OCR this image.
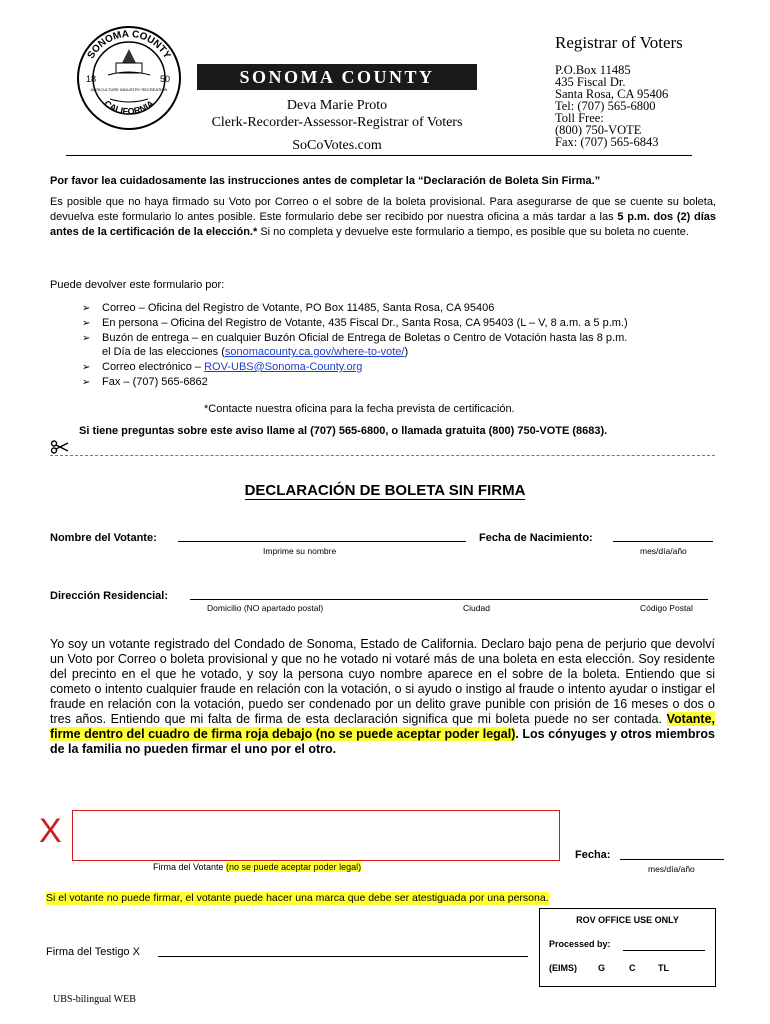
SONOMA COUNTY
CALIFORNIA
18	50
AGRICULTURE INDUSTRY RECREATION
SONOMA COUNTY
Deva Marie Proto
Clerk-Recorder-Assessor-Registrar of Voters
SoCoVotes.com
Registrar of Voters
P.O.Box 11485
435 Fiscal Dr.
Santa Rosa, CA 95406
Tel: (707) 565-6800
Toll Free:
(800) 750-VOTE
Fax: (707) 565-6843
Por favor lea cuidadosamente las instrucciones antes de completar la “Declaración de Boleta Sin Firma.”
Es posible que no haya firmado su Voto por Correo o el sobre de la boleta provisional. Para asegurarse de que se cuente su boleta, devuelva este formulario lo antes posible. Este formulario debe ser recibido por nuestra oficina a más tardar a las 5 p.m. dos (2) días antes de la certificación de la elección.* Si no completa y devuelve este formulario a tiempo, es posible que su boleta no cuente.
Puede devolver este formulario por:
➢ Correo – Oficina del Registro de Votante, PO Box 11485, Santa Rosa, CA 95406
➢ En persona – Oficina del Registro de Votante, 435 Fiscal Dr., Santa Rosa, CA 95403 (L – V, 8 a.m. a 5 p.m.)
➢ Buzón de entrega – en cualquier Buzón Oficial de Entrega de Boletas o Centro de Votación hasta las 8 p.m.
el Día de las elecciones (sonomacounty.ca.gov/where-to-vote/)
➢ Correo electrónico – ROV-UBS@Sonoma-County.org
➢ Fax – (707) 565-6862
*Contacte nuestra oficina para la fecha prevista de certificación.
Si tiene preguntas sobre este aviso llame al (707) 565-6800, o llamada gratuita (800) 750-VOTE (8683).
DECLARACIÓN DE BOLETA SIN FIRMA
Nombre del Votante:
Imprime su nombre
Fecha de Nacimiento:
mes/día/año
Dirección Residencial:
Domicilio (NO apartado postal)	Ciudad	Código Postal
Yo soy un votante registrado del Condado de Sonoma, Estado de California. Declaro bajo pena de perjurio que devolví un Voto por Correo o boleta provisional y que no he votado ni votaré más de una boleta en esta elección. Soy residente del precinto en el que he votado, y soy la persona cuyo nombre aparece en el sobre de la boleta. Entiendo que si cometo o intento cualquier fraude en relación con la votación, o si ayudo o instigo al fraude o intento ayudar o instigar el fraude en relación con la votación, puedo ser condenado por un delito grave punible con prisión de 16 meses o dos o tres años. Entiendo que mi falta de firma de esta declaración significa que mi boleta puede no ser contada. Votante, firme dentro del cuadro de firma roja debajo (no se puede aceptar poder legal). Los cónyuges y otros miembros de la familia no pueden firmar el uno por el otro.
X
Firma del Votante (no se puede aceptar poder legal)
Fecha:
mes/día/año
Si el votante no puede firmar, el votante puede hacer una marca que debe ser atestiguada por una persona.
Firma del Testigo X
ROV OFFICE USE ONLY
Processed by:
(EIMS) G	C	TL
UBS-bilingual WEB
